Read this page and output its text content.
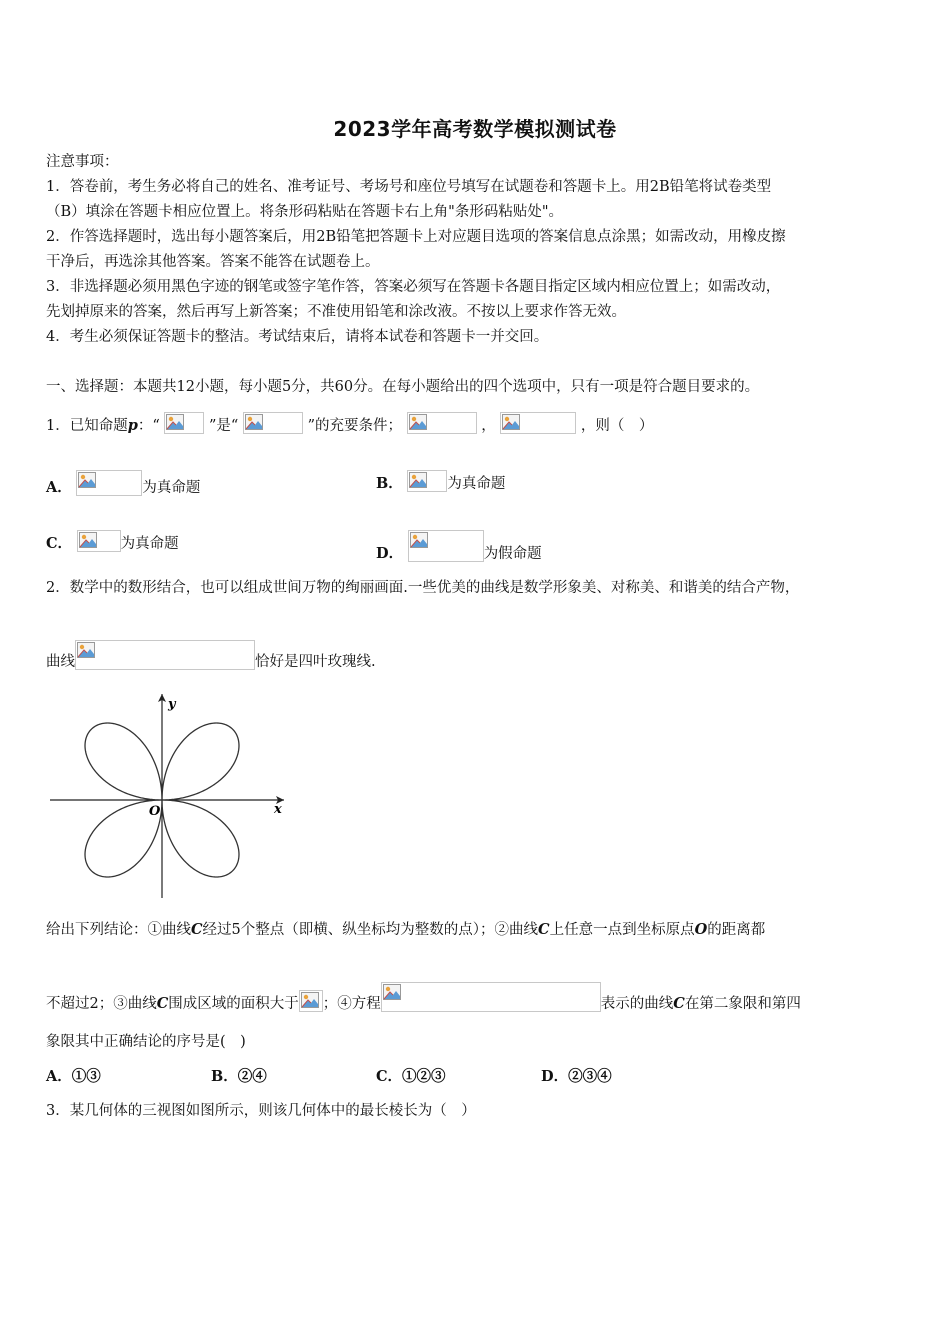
2023学年高考数学模拟测试卷
注意事项：
1．答卷前，考生务必将自己的姓名、准考证号、考场号和座位号填写在试题卷和答题卡上。用2B铅笔将试卷类型
（B）填涂在答题卡相应位置上。将条形码粘贴在答题卡右上角"条形码粘贴处"。
2．作答选择题时，选出每小题答案后，用2B铅笔把答题卡上对应题目选项的答案信息点涂黑；如需改动，用橡皮擦
干净后，再选涂其他答案。答案不能答在试题卷上。
3．非选择题必须用黑色字迹的钢笔或签字笔作答，答案必须写在答题卡各题目指定区域内相应位置上；如需改动，
先划掉原来的答案，然后再写上新答案；不准使用铅笔和涂改液。不按以上要求作答无效。
4．考生必须保证答题卡的整洁。考试结束后，请将本试卷和答题卡一并交回。
一、选择题：本题共12小题，每小题5分，共60分。在每小题给出的四个选项中，只有一项是符合题目要求的。
1．已知命题p：“	”是“	”的充要条件；	，	，则（　）
A．	为真命题	B．	为真命题
C．	为真命题
D．	为假命题
2．数学中的数形结合，也可以组成世间万物的绚丽画面.一些优美的曲线是数学形象美、对称美、和谐美的结合产物，
曲线	恰好是四叶玫瑰线.
x
y
O
给出下列结论：①曲线C经过5个整点（即横、纵坐标均为整数的点）；②曲线C上任意一点到坐标原点O的距离都
不超过2；③曲线C围成区域的面积大于 ；④方程	表示的曲线C在第二象限和第四
象限其中正确结论的序号是(　)
A．①③	B．②④	C．①②③	D．②③④
3．某几何体的三视图如图所示，则该几何体中的最长棱长为（　）
